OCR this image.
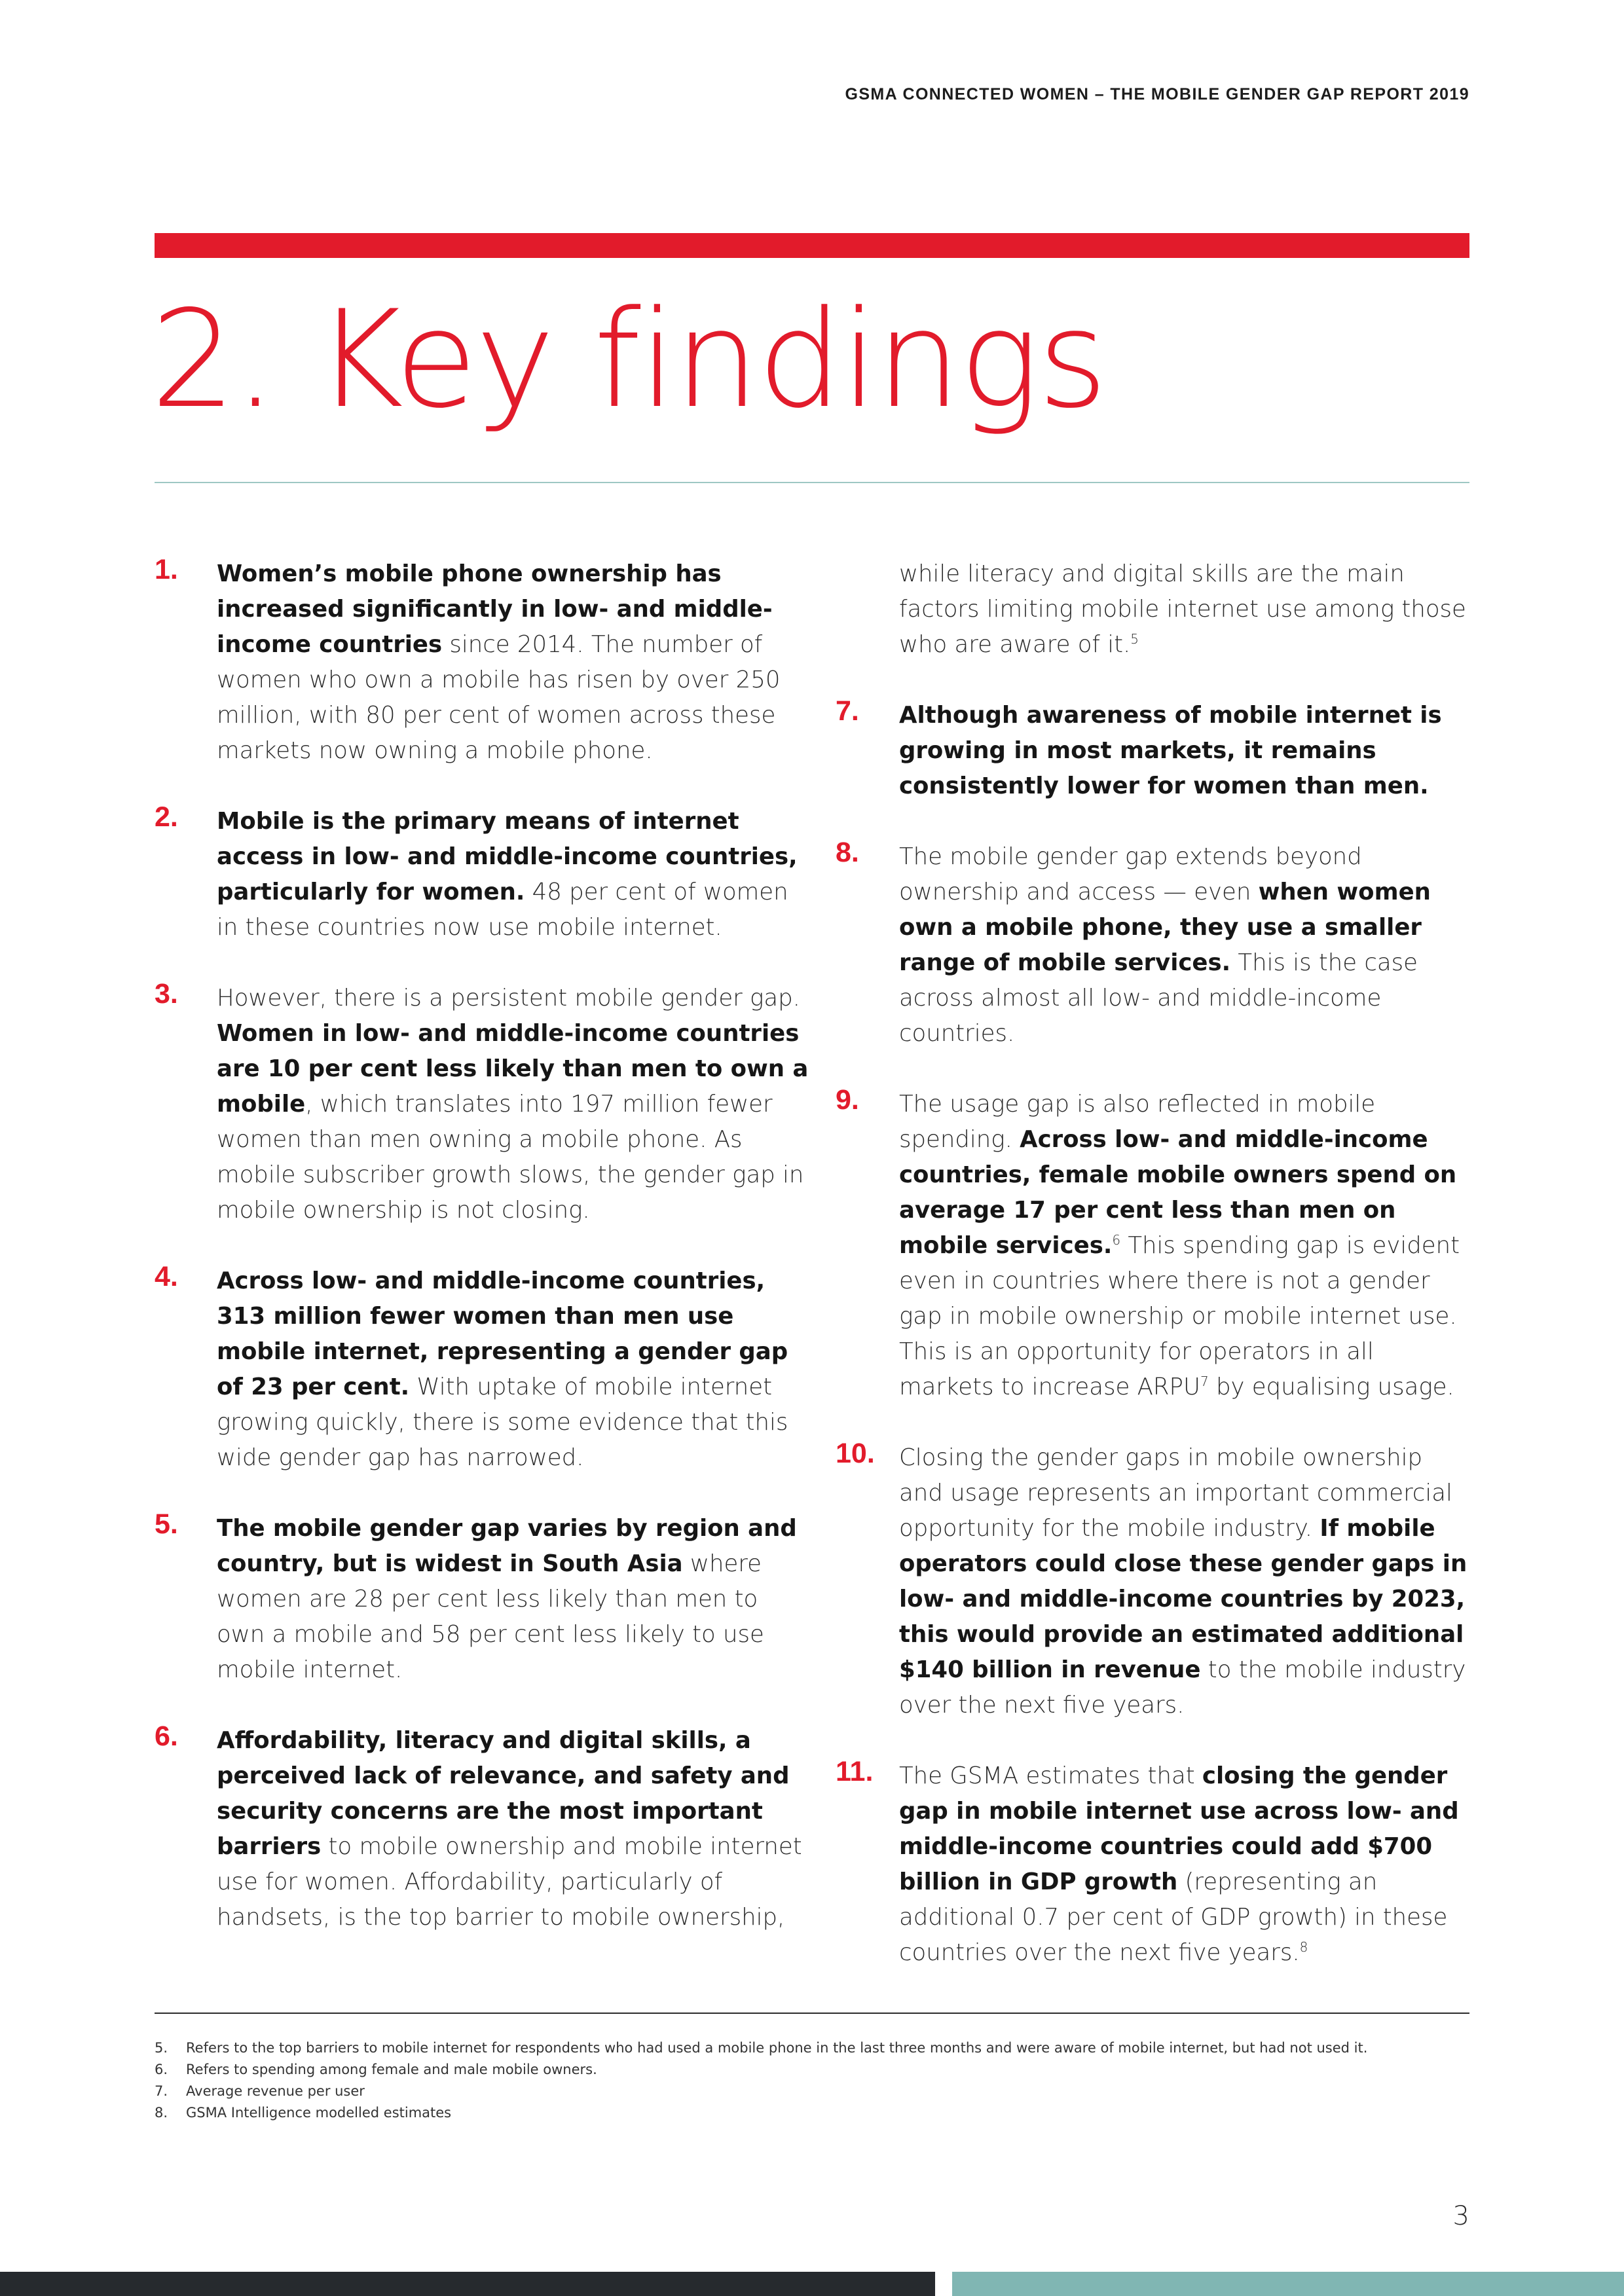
GSMA CONNECTED WOMEN – THE MOBILE GENDER GAP REPORT 2019
2. Key findings
1. Women’s mobile phone ownership has increased significantly in low- and middle-income countries since 2014. The number of women who own a mobile has risen by over 250 million, with 80 per cent of women across these markets now owning a mobile phone.

2. Mobile is the primary means of internet access in low- and middle-income countries, particularly for women. 48 per cent of women in these countries now use mobile internet.

3. However, there is a persistent mobile gender gap. Women in low- and middle-income countries are 10 per cent less likely than men to own a mobile, which translates into 197 million fewer women than men owning a mobile phone. As mobile subscriber growth slows, the gender gap in mobile ownership is not closing.

4. Across low- and middle-income countries, 313 million fewer women than men use mobile internet, representing a gender gap of 23 per cent. With uptake of mobile internet growing quickly, there is some evidence that this wide gender gap has narrowed.

5. The mobile gender gap varies by region and country, but is widest in South Asia where women are 28 per cent less likely than men to own a mobile and 58 per cent less likely to use mobile internet.

6. Affordability, literacy and digital skills, a perceived lack of relevance, and safety and security concerns are the most important barriers to mobile ownership and mobile internet use for women. Affordability, particularly of handsets, is the top barrier to mobile ownership,

while literacy and digital skills are the main factors limiting mobile internet use among those who are aware of it.$^5$

7. Although awareness of mobile internet is growing in most markets, it remains consistently lower for women than men.

8. The mobile gender gap extends beyond ownership and access — even when women own a mobile phone, they use a smaller range of mobile services. This is the case across almost all low- and middle-income countries.

9. The usage gap is also reflected in mobile spending. Across low- and middle-income countries, female mobile owners spend on average 17 per cent less than men on mobile services.$^6$ This spending gap is evident even in countries where there is not a gender gap in mobile ownership or mobile internet use. This is an opportunity for operators in all markets to increase ARPU$^7$ by equalising usage.

10. Closing the gender gaps in mobile ownership and usage represents an important commercial opportunity for the mobile industry. If mobile operators could close these gender gaps in low- and middle-income countries by 2023, this would provide an estimated additional $140 billion in revenue to the mobile industry over the next five years.

11. The GSMA estimates that closing the gender gap in mobile internet use across low- and middle-income countries could add $700 billion in GDP growth (representing an additional 0.7 per cent of GDP growth) in these countries over the next five years.$^8$

5. Refers to the top barriers to mobile internet for respondents who had used a mobile phone in the last three months and were aware of mobile internet, but had not used it.
6. Refers to spending among female and male mobile owners.
7. Average revenue per user
8. GSMA Intelligence modelled estimates
3
